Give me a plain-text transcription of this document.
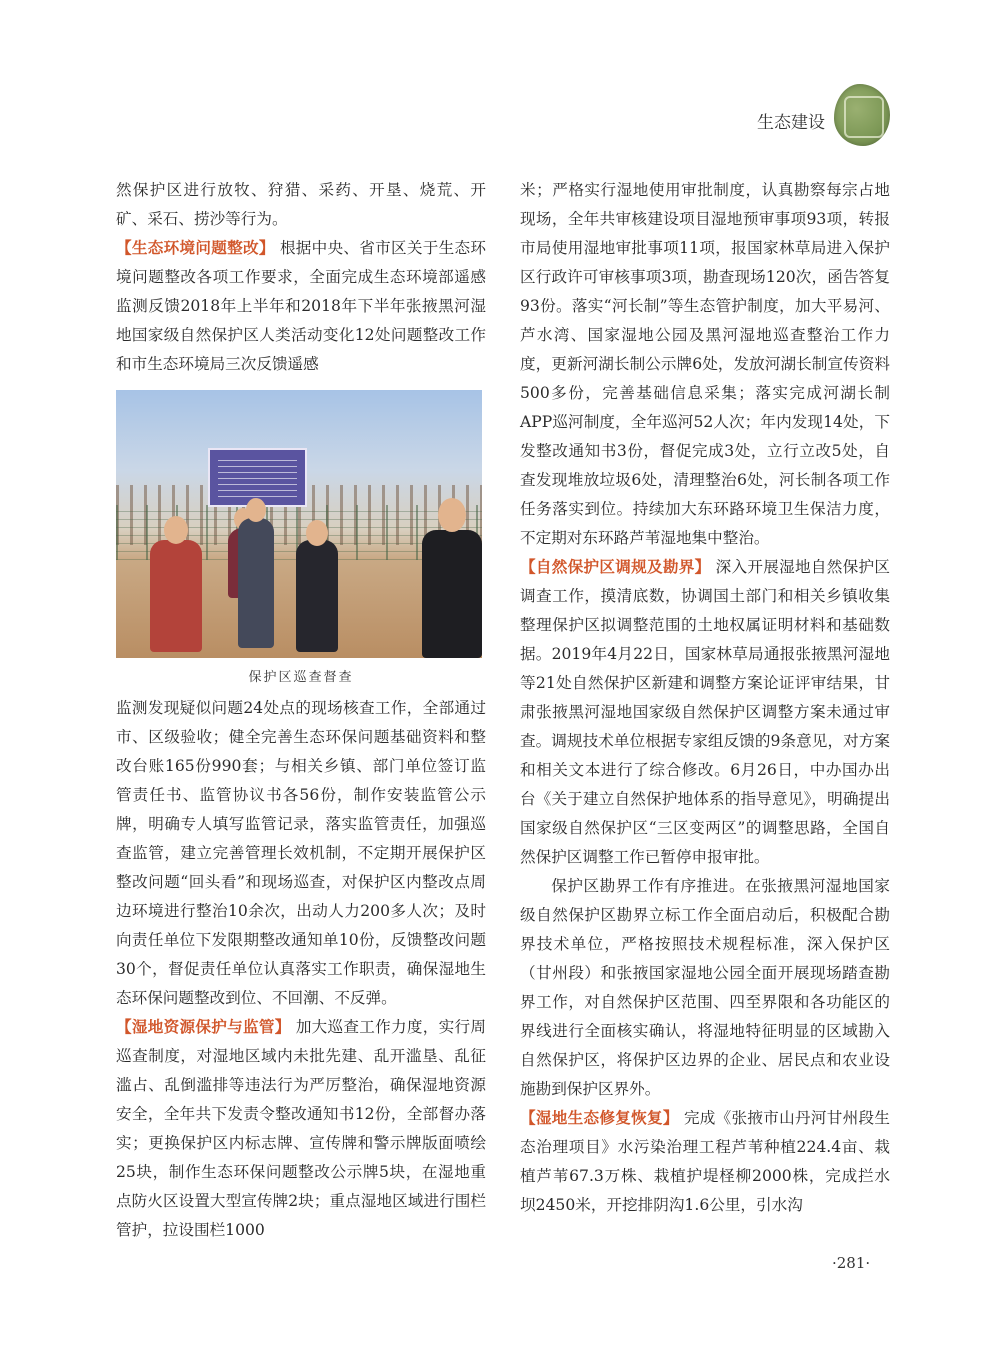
生态建设

然保护区进行放牧、狩猎、采药、开垦、烧荒、开矿、采石、捞沙等行为。

【生态环境问题整改】 根据中央、省市区关于生态环境问题整改各项工作要求，全面完成生态环境部遥感监测反馈2018年上半年和2018年下半年张掖黑河湿地国家级自然保护区人类活动变化12处问题整改工作和市生态环境局三次反馈遥感

保护区巡查督查

监测发现疑似问题24处点的现场核查工作，全部通过市、区级验收；健全完善生态环保问题基础资料和整改台账165份990套；与相关乡镇、部门单位签订监管责任书、监管协议书各56份，制作安装监管公示牌，明确专人填写监管记录，落实监管责任，加强巡查监管，建立完善管理长效机制，不定期开展保护区整改问题“回头看”和现场巡查，对保护区内整改点周边环境进行整治10余次，出动人力200多人次；及时向责任单位下发限期整改通知单10份，反馈整改问题30个，督促责任单位认真落实工作职责，确保湿地生态环保问题整改到位、不回潮、不反弹。

【湿地资源保护与监管】 加大巡查工作力度，实行周巡查制度，对湿地区域内未批先建、乱开滥垦、乱征滥占、乱倒滥排等违法行为严厉整治，确保湿地资源安全，全年共下发责令整改通知书12份，全部督办落实；更换保护区内标志牌、宣传牌和警示牌版面喷绘25块，制作生态环保问题整改公示牌5块，在湿地重点防火区设置大型宣传牌2块；重点湿地区域进行围栏管护，拉设围栏1000

米；严格实行湿地使用审批制度，认真勘察每宗占地现场，全年共审核建设项目湿地预审事项93项，转报市局使用湿地审批事项11项，报国家林草局进入保护区行政许可审核事项3项，勘查现场120次，函告答复93份。落实“河长制”等生态管护制度，加大平易河、芦水湾、国家湿地公园及黑河湿地巡查整治工作力度，更新河湖长制公示牌6处，发放河湖长制宣传资料500多份，完善基础信息采集；落实完成河湖长制APP巡河制度，全年巡河52人次；年内发现14处，下发整改通知书3份，督促完成3处，立行立改5处，自查发现堆放垃圾6处，清理整治6处，河长制各项工作任务落实到位。持续加大东环路环境卫生保洁力度，不定期对东环路芦苇湿地集中整治。

【自然保护区调规及勘界】 深入开展湿地自然保护区调查工作，摸清底数，协调国土部门和相关乡镇收集整理保护区拟调整范围的土地权属证明材料和基础数据。2019年4月22日，国家林草局通报张掖黑河湿地等21处自然保护区新建和调整方案论证评审结果，甘肃张掖黑河湿地国家级自然保护区调整方案未通过审查。调规技术单位根据专家组反馈的9条意见，对方案和相关文本进行了综合修改。6月26日，中办国办出台《关于建立自然保护地体系的指导意见》，明确提出国家级自然保护区“三区变两区”的调整思路，全国自然保护区调整工作已暂停申报审批。

保护区勘界工作有序推进。在张掖黑河湿地国家级自然保护区勘界立标工作全面启动后，积极配合勘界技术单位，严格按照技术规程标准，深入保护区（甘州段）和张掖国家湿地公园全面开展现场踏查勘界工作，对自然保护区范围、四至界限和各功能区的界线进行全面核实确认，将湿地特征明显的区域勘入自然保护区，将保护区边界的企业、居民点和农业设施勘到保护区界外。

【湿地生态修复恢复】 完成《张掖市山丹河甘州段生态治理项目》水污染治理工程芦苇种植224.4亩、栽植芦苇67.3万株、栽植护堤柽柳2000株，完成拦水坝2450米，开挖排阴沟1.6公里，引水沟

·281·
